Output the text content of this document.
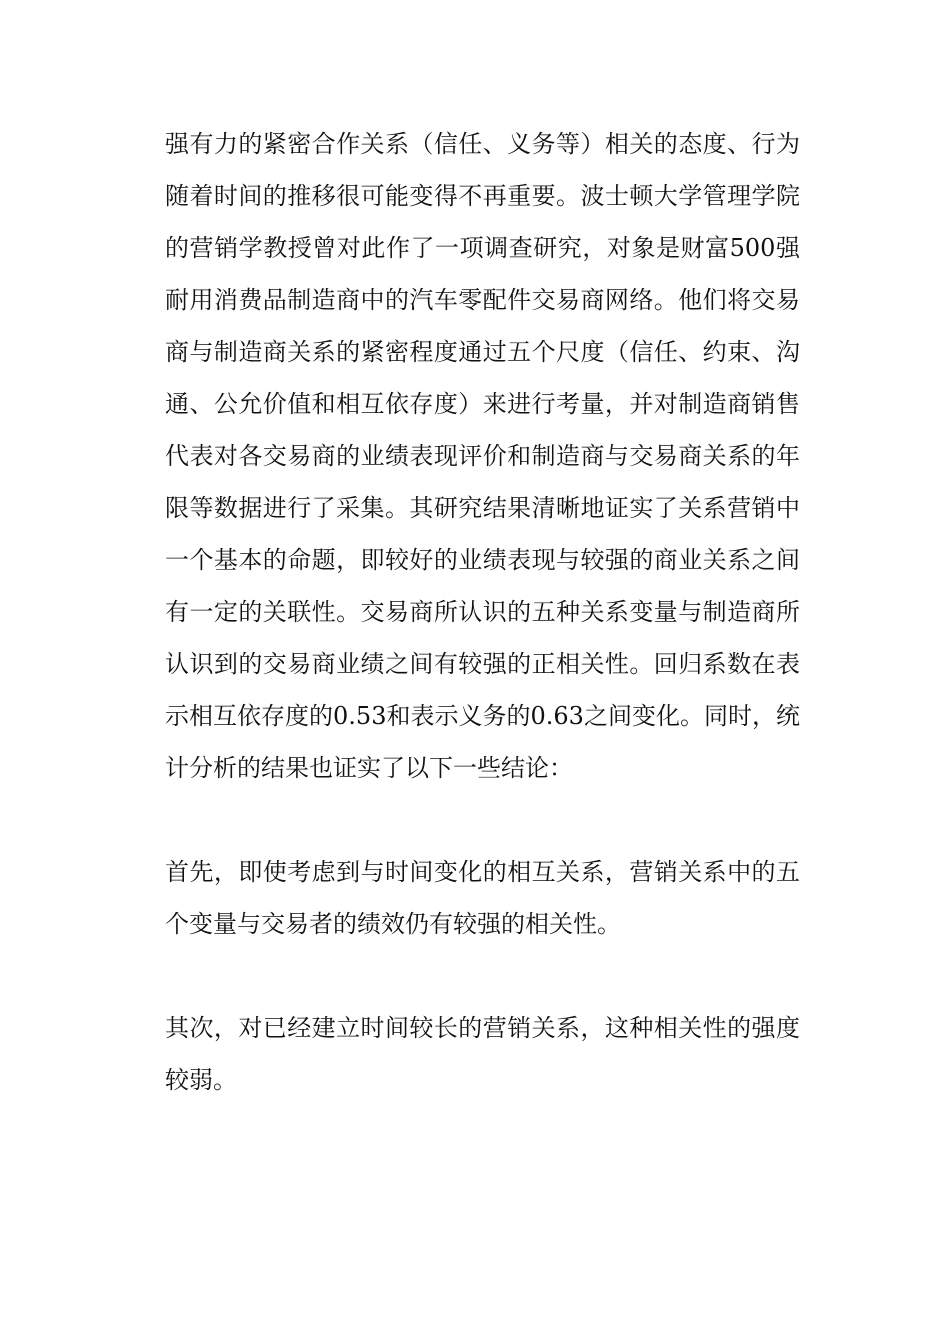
强有力的紧密合作关系（信任、义务等）相关的态度、行为随着时间的推移很可能变得不再重要。波士顿大学管理学院的营销学教授曾对此作了一项调查研究，对象是财富500强耐用消费品制造商中的汽车零配件交易商网络。他们将交易商与制造商关系的紧密程度通过五个尺度（信任、约束、沟通、公允价值和相互依存度）来进行考量，并对制造商销售代表对各交易商的业绩表现评价和制造商与交易商关系的年限等数据进行了采集。其研究结果清晰地证实了关系营销中一个基本的命题，即较好的业绩表现与较强的商业关系之间有一定的关联性。交易商所认识的五种关系变量与制造商所认识到的交易商业绩之间有较强的正相关性。回归系数在表示相互依存度的0.53和表示义务的0.63之间变化。同时，统计分析的结果也证实了以下一些结论：

首先，即使考虑到与时间变化的相互关系，营销关系中的五个变量与交易者的绩效仍有较强的相关性。

其次，对已经建立时间较长的营销关系，这种相关性的强度较弱。
